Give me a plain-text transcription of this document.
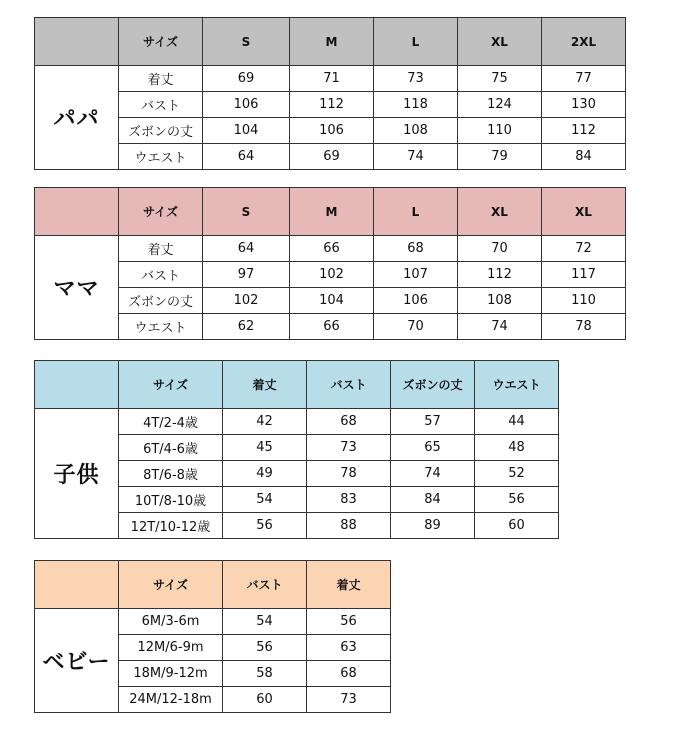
サイズ	S	M	L	XL	2XL
パパ
着丈	69	71	73	75	77
バスト	106	112	118	124	130
ズボンの丈	104	106	108	110	112
ウエスト	64	69	74	79	84
サイズ	S	M	L	XL	XL
ママ
着丈	64	66	68	70	72
バスト	97	102	107	112	117
ズボンの丈	102	104	106	108	110
ウエスト	62	66	70	74	78
サイズ	着丈	バスト	ズボンの丈	ウエスト
子供
4T/2-4歳	42	68	57	44
6T/4-6歳	45	73	65	48
8T/6-8歳	49	78	74	52
10T/8-10歳	54	83	84	56
12T/10-12歳	56	88	89	60
サイズ	バスト	着丈
ベビー
6M/3-6m	54	56
12M/6-9m	56	63
18M/9-12m	58	68
24M/12-18m	60	73
